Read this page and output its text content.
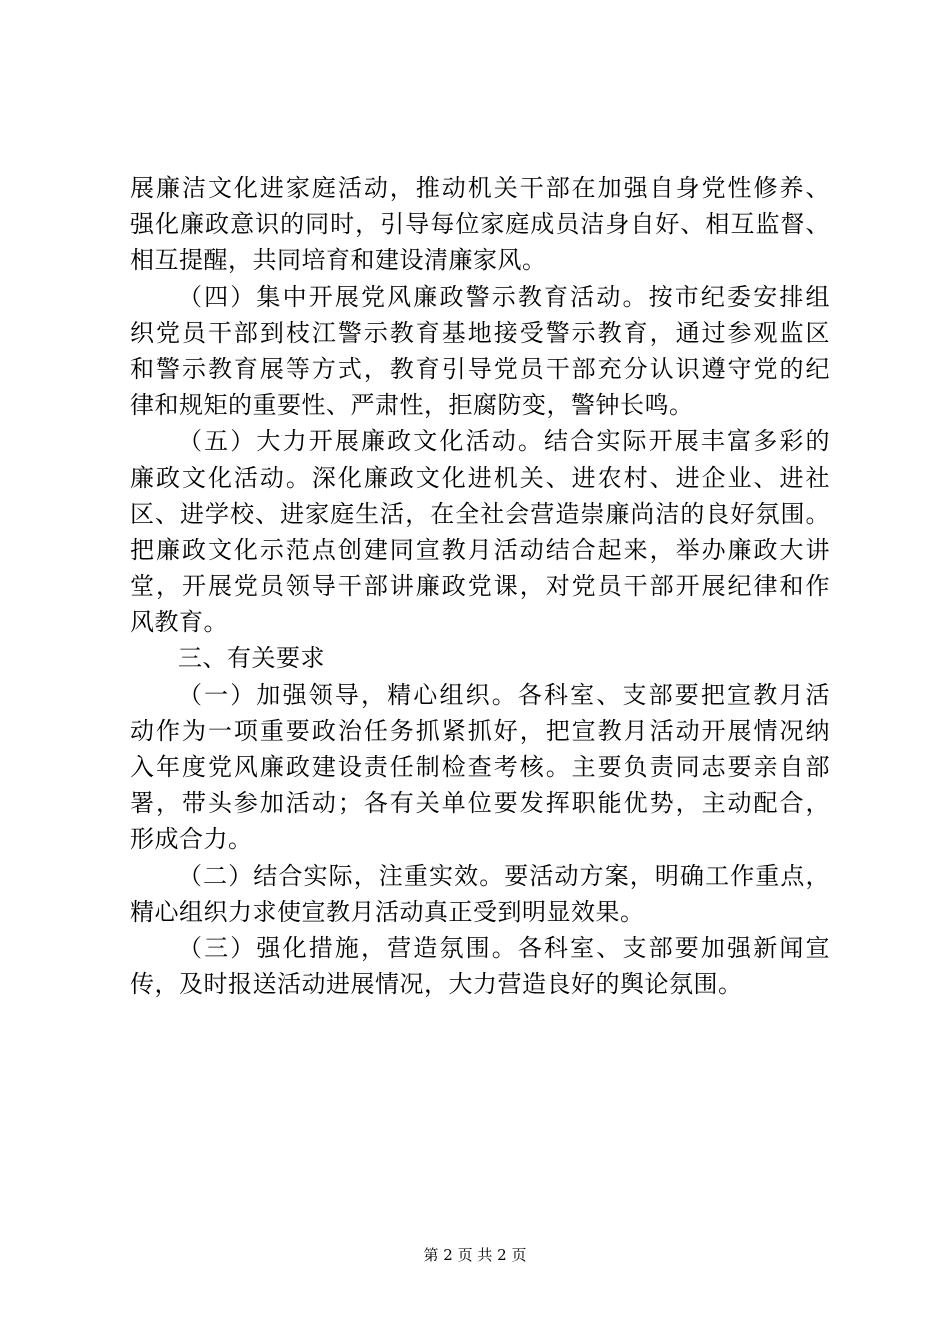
展廉洁文化进家庭活动，推动机关干部在加强自身党性修养、
强化廉政意识的同时，引导每位家庭成员洁身自好、相互监督、
相互提醒，共同培育和建设清廉家风。
（四）集中开展党风廉政警示教育活动。按市纪委安排组
织党员干部到枝江警示教育基地接受警示教育，通过参观监区
和警示教育展等方式，教育引导党员干部充分认识遵守党的纪
律和规矩的重要性、严肃性，拒腐防变，警钟长鸣。
（五）大力开展廉政文化活动。结合实际开展丰富多彩的
廉政文化活动。深化廉政文化进机关、进农村、进企业、进社
区、进学校、进家庭生活，在全社会营造崇廉尚洁的良好氛围。
把廉政文化示范点创建同宣教月活动结合起来，举办廉政大讲
堂，开展党员领导干部讲廉政党课，对党员干部开展纪律和作
风教育。
三、有关要求
（一）加强领导，精心组织。各科室、支部要把宣教月活
动作为一项重要政治任务抓紧抓好，把宣教月活动开展情况纳
入年度党风廉政建设责任制检查考核。主要负责同志要亲自部
署，带头参加活动；各有关单位要发挥职能优势，主动配合，
形成合力。
（二）结合实际，注重实效。要活动方案，明确工作重点，
精心组织力求使宣教月活动真正受到明显效果。
（三）强化措施，营造氛围。各科室、支部要加强新闻宣
传，及时报送活动进展情况，大力营造良好的舆论氛围。
第 2 页 共 2 页
